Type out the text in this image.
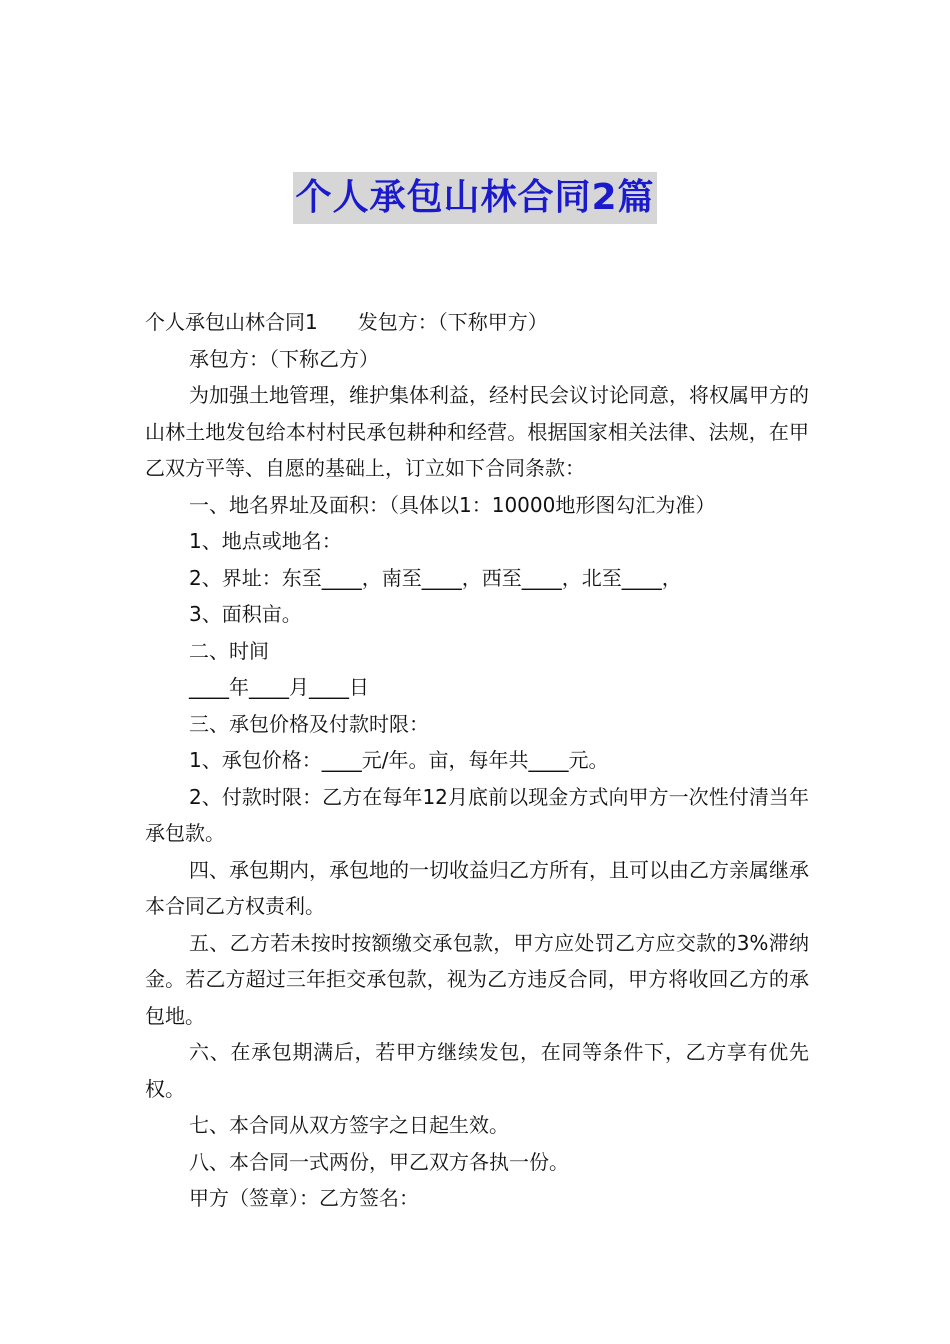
个人承包山林合同2篇

个人承包山林合同1 发包方：（下称甲方）

承包方：（下称乙方）

为加强土地管理，维护集体利益，经村民会议讨论同意，将权属甲方的山林土地发包给本村村民承包耕种和经营。根据国家相关法律、法规，在甲乙双方平等、自愿的基础上，订立如下合同条款：

一、地名界址及面积：（具体以1：10000地形图勾汇为准）

1、地点或地名：

2、界址：东至____，南至____，西至____，北至____，

3、面积亩。

二、时间

____年____月____日

三、承包价格及付款时限：

1、承包价格：____元/年。亩，每年共____元。

2、付款时限：乙方在每年12月底前以现金方式向甲方一次性付清当年承包款。

四、承包期内，承包地的一切收益归乙方所有，且可以由乙方亲属继承本合同乙方权责利。

五、乙方若未按时按额缴交承包款，甲方应处罚乙方应交款的3%滞纳金。若乙方超过三年拒交承包款，视为乙方违反合同，甲方将收回乙方的承包地。

六、在承包期满后，若甲方继续发包，在同等条件下，乙方享有优先权。

七、本合同从双方签字之日起生效。

八、本合同一式两份，甲乙双方各执一份。

甲方（签章）：乙方签名：
